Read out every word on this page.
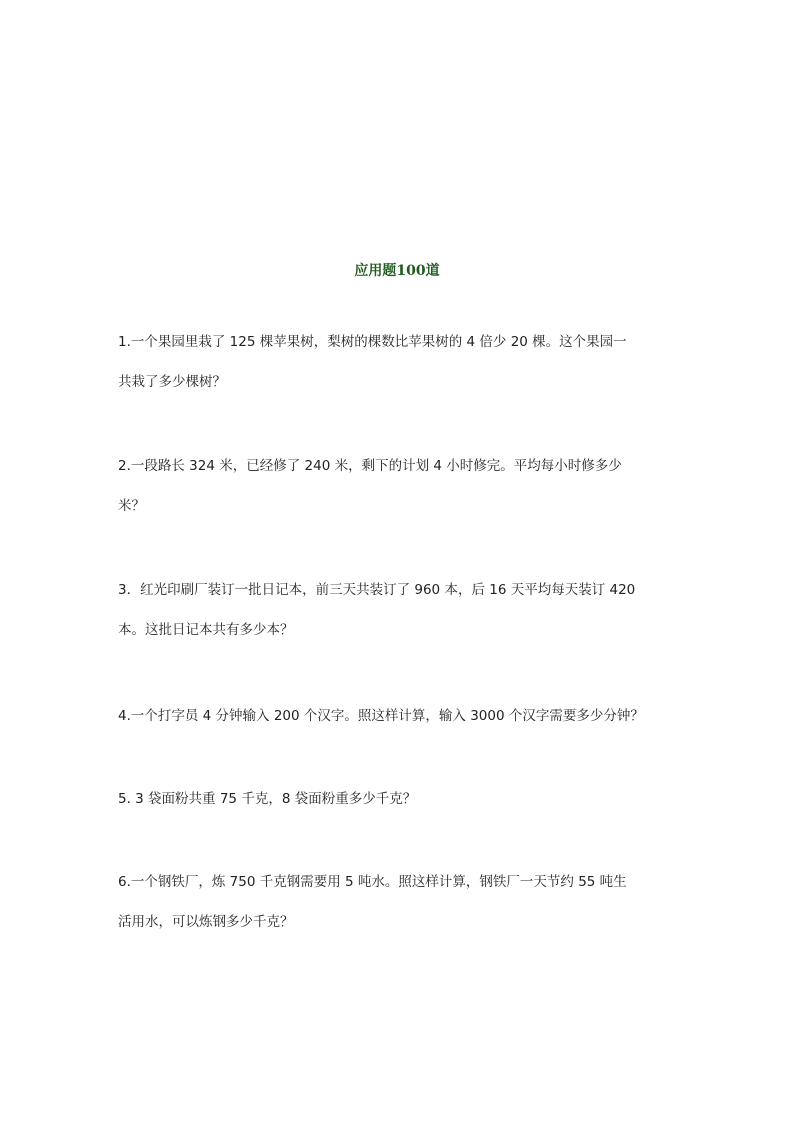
应用题100道
1.一个果园里栽了 125 棵苹果树，梨树的棵数比苹果树的 4 倍少 20 棵。这个果园一
共栽了多少棵树？
2.一段路长 324 米，已经修了 240 米，剩下的计划 4 小时修完。平均每小时修多少
米？
3．红光印刷厂装订一批日记本，前三天共装订了 960 本，后 16 天平均每天装订 420
本。这批日记本共有多少本？
4.一个打字员 4 分钟输入 200 个汉字。照这样计算，输入 3000 个汉字需要多少分钟？
5. 3 袋面粉共重 75 千克，8 袋面粉重多少千克？
6.一个钢铁厂，炼 750 千克钢需要用 5 吨水。照这样计算，钢铁厂一天节约 55 吨生
活用水，可以炼钢多少千克？
